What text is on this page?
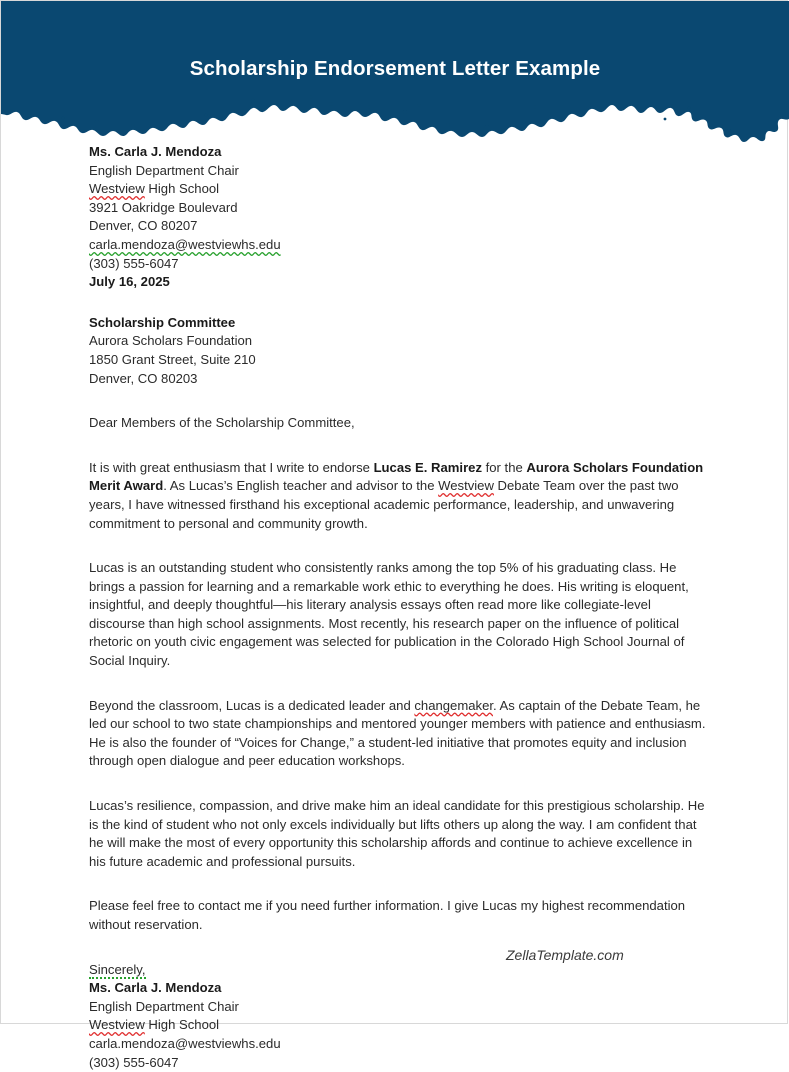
Scholarship Endorsement Letter Example
Ms. Carla J. Mendoza
English Department Chair
Westview High School
3921 Oakridge Boulevard
Denver, CO 80207
carla.mendoza@westviewhs.edu
(303) 555-6047
July 16, 2025
Scholarship Committee
Aurora Scholars Foundation
1850 Grant Street, Suite 210
Denver, CO 80203
Dear Members of the Scholarship Committee,

It is with great enthusiasm that I write to endorse Lucas E. Ramirez for the Aurora Scholars Foundation Merit Award. As Lucas’s English teacher and advisor to the Westview Debate Team over the past two years, I have witnessed firsthand his exceptional academic performance, leadership, and unwavering commitment to personal and community growth.

Lucas is an outstanding student who consistently ranks among the top 5% of his graduating class. He brings a passion for learning and a remarkable work ethic to everything he does. His writing is eloquent, insightful, and deeply thoughtful—his literary analysis essays often read more like collegiate-level discourse than high school assignments. Most recently, his research paper on the influence of political rhetoric on youth civic engagement was selected for publication in the Colorado High School Journal of Social Inquiry.

Beyond the classroom, Lucas is a dedicated leader and changemaker. As captain of the Debate Team, he led our school to two state championships and mentored younger members with patience and enthusiasm. He is also the founder of “Voices for Change,” a student-led initiative that promotes equity and inclusion through open dialogue and peer education workshops.

Lucas’s resilience, compassion, and drive make him an ideal candidate for this prestigious scholarship. He is the kind of student who not only excels individually but lifts others up along the way. I am confident that he will make the most of every opportunity this scholarship affords and continue to achieve excellence in his future academic and professional pursuits.

Please feel free to contact me if you need further information. I give Lucas my highest recommendation without reservation.

Sincerely,
Ms. Carla J. Mendoza
English Department Chair
Westview High School
carla.mendoza@westviewhs.edu
(303) 555-6047
ZellaTemplate.com
